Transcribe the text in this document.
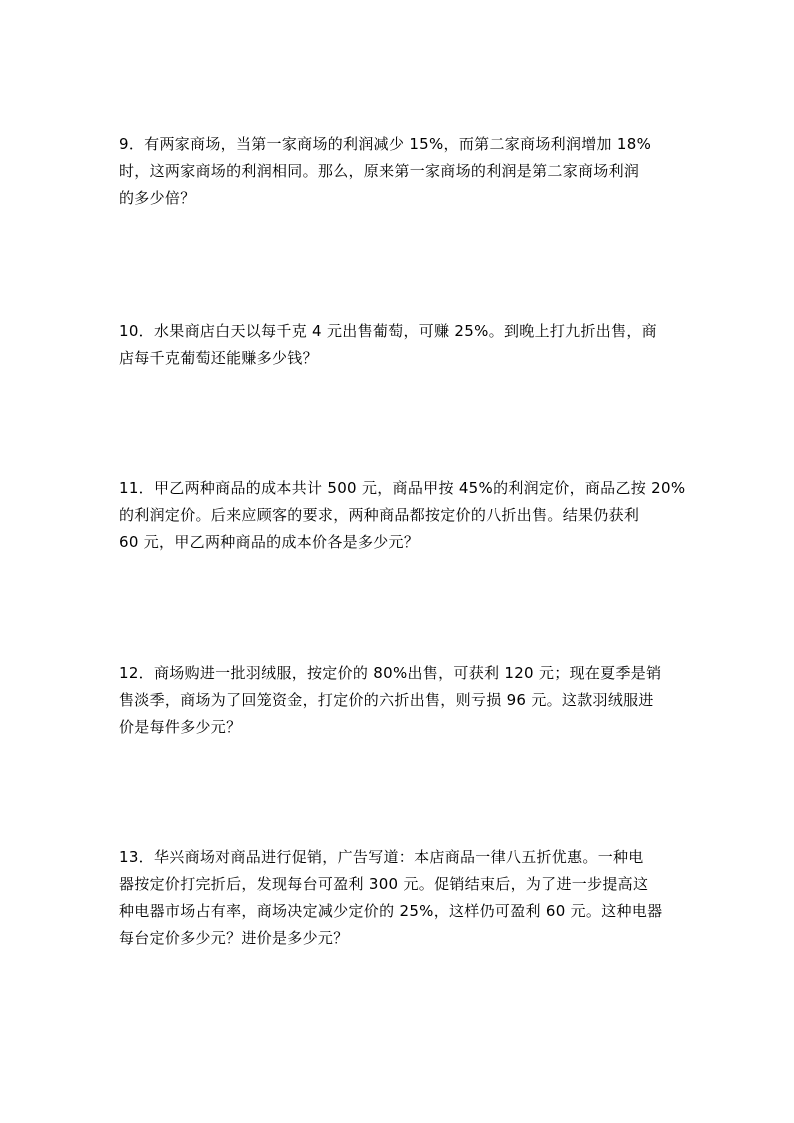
9．有两家商场，当第一家商场的利润减少 15%，而第二家商场利润增加 18%
时，这两家商场的利润相同。那么，原来第一家商场的利润是第二家商场利润
的多少倍？
10．水果商店白天以每千克 4 元出售葡萄，可赚 25%。到晚上打九折出售，商
店每千克葡萄还能赚多少钱？
11．甲乙两种商品的成本共计 500 元，商品甲按 45%的利润定价，商品乙按 20%
的利润定价。后来应顾客的要求，两种商品都按定价的八折出售。结果仍获利
60 元，甲乙两种商品的成本价各是多少元？
12．商场购进一批羽绒服，按定价的 80%出售，可获利 120 元；现在夏季是销
售淡季，商场为了回笼资金，打定价的六折出售，则亏损 96 元。这款羽绒服进
价是每件多少元？
13．华兴商场对商品进行促销，广告写道：本店商品一律八五折优惠。一种电
器按定价打完折后，发现每台可盈利 300 元。促销结束后，为了进一步提高这
种电器市场占有率，商场决定减少定价的 25%，这样仍可盈利 60 元。这种电器
每台定价多少元？进价是多少元？
